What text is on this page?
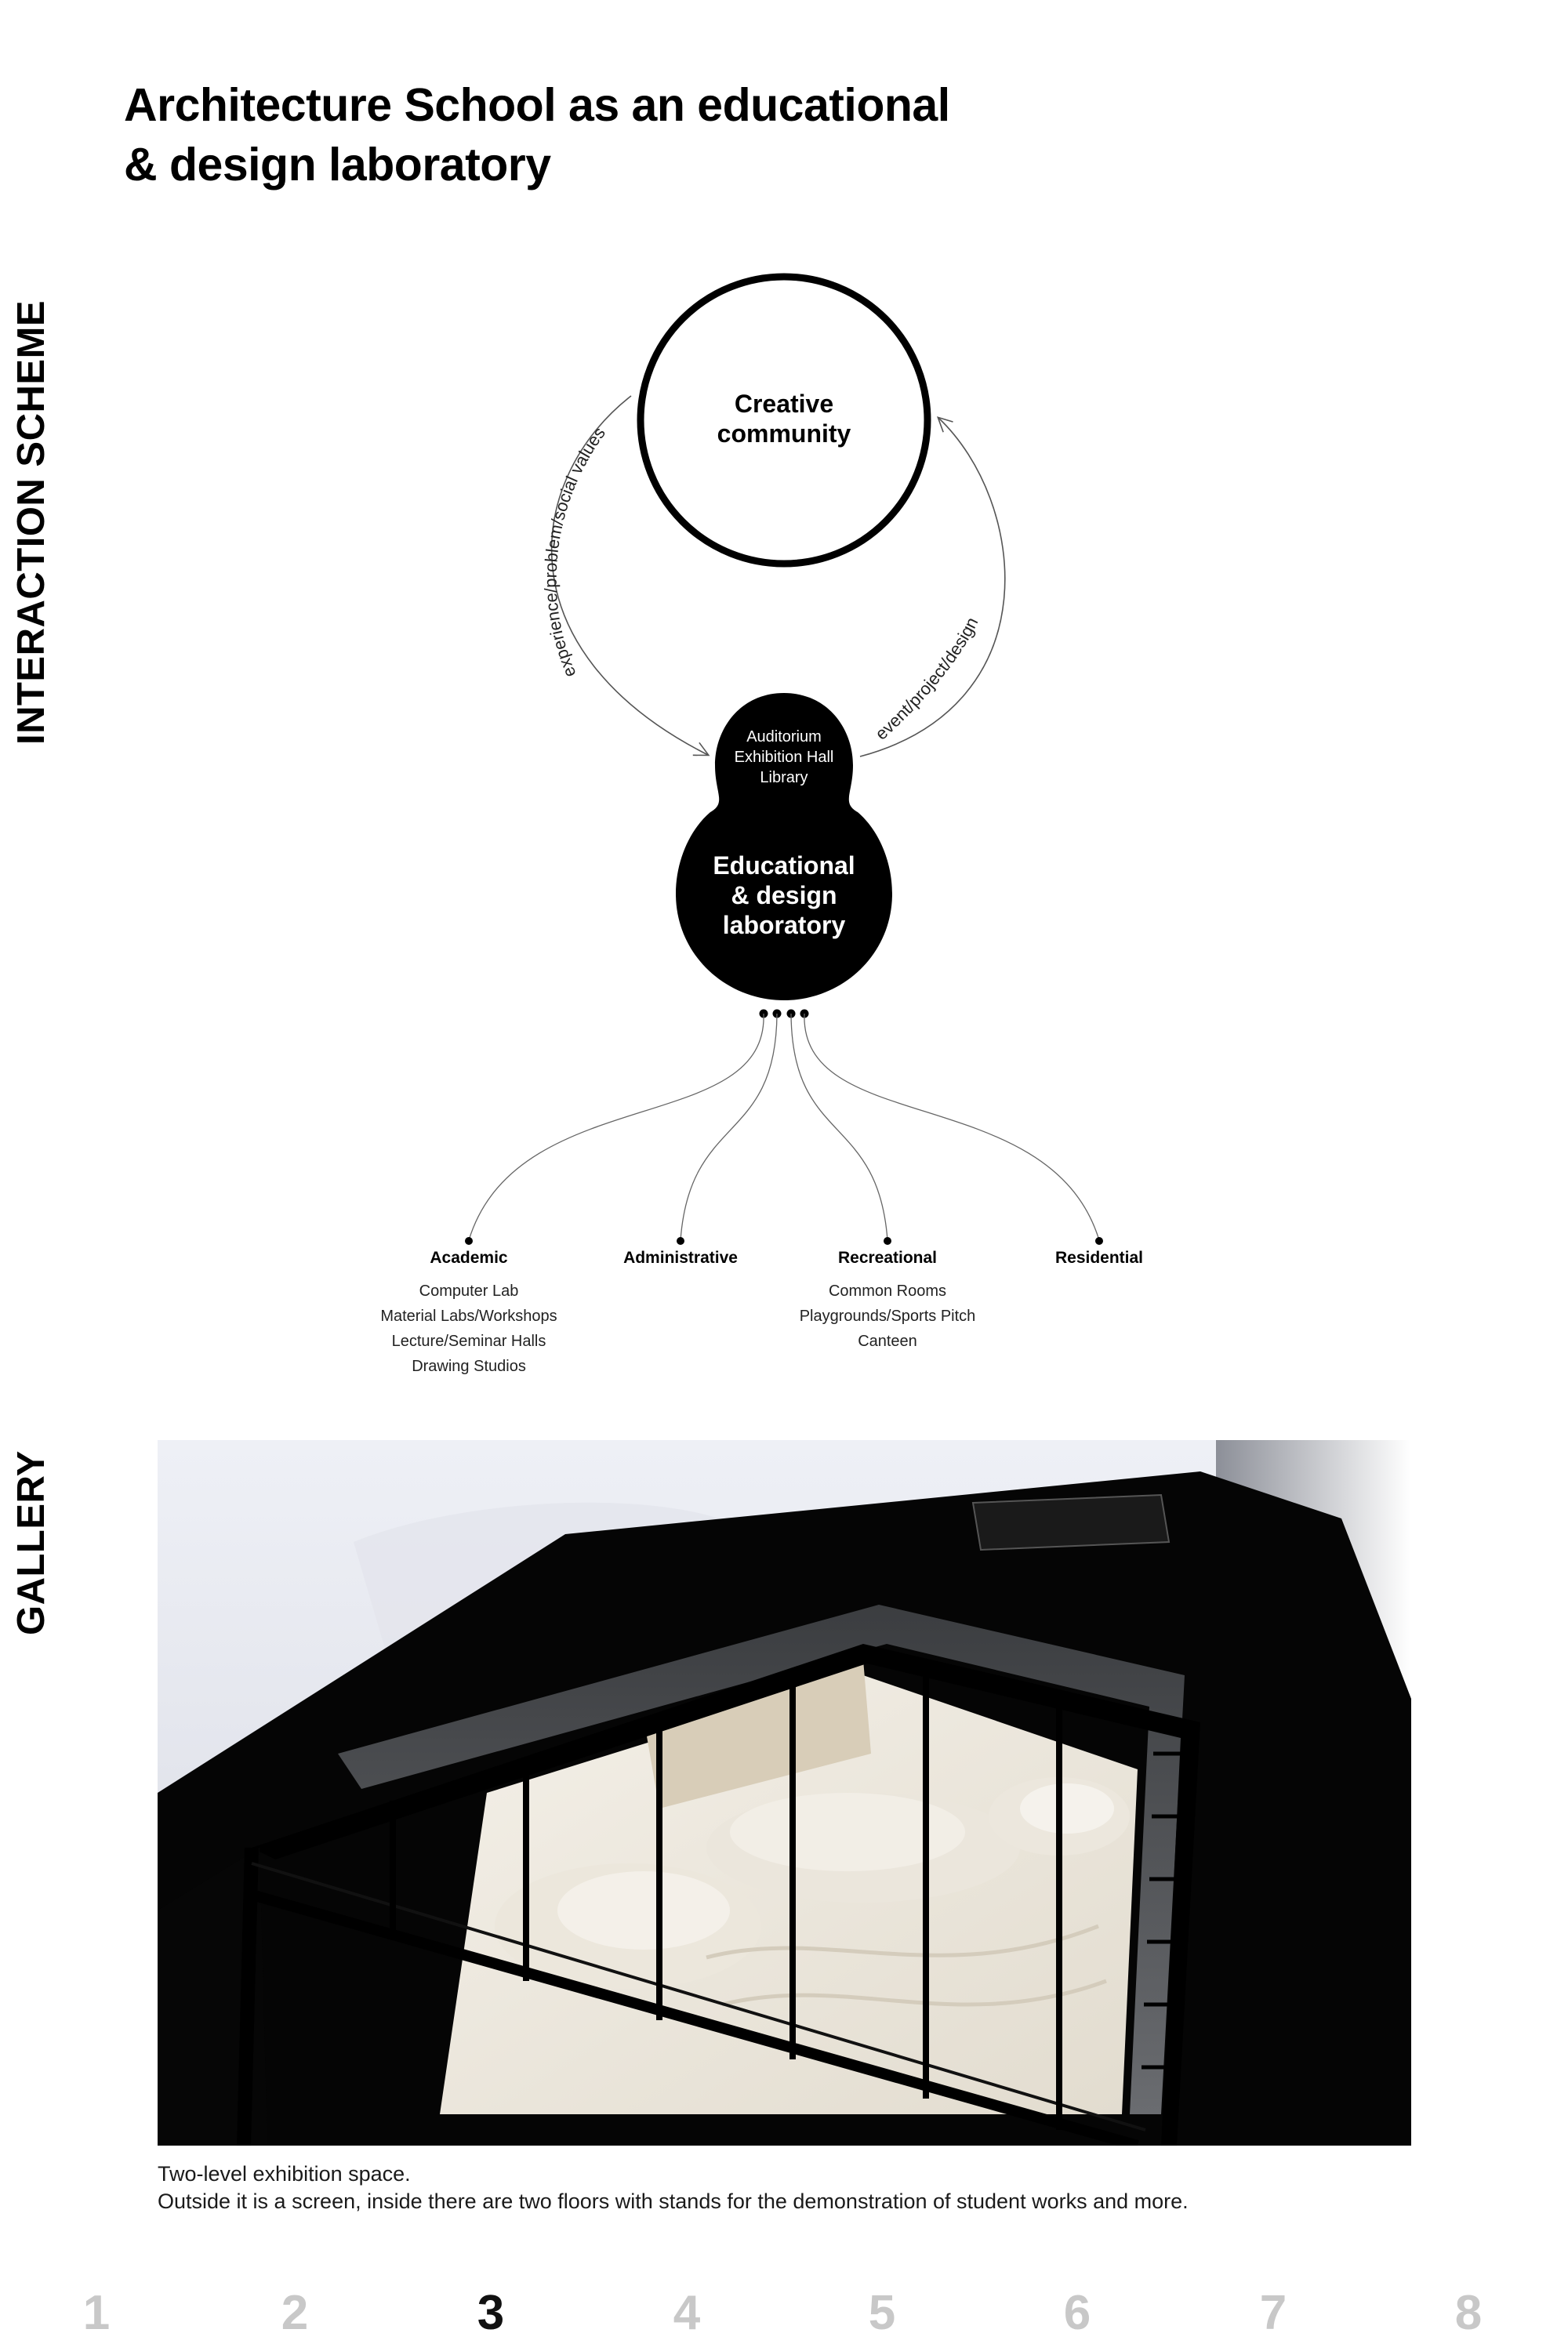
Architecture School as an educational
& design laboratory
INTERACTION SCHEME
GALLERY
Creative
community
experience/problem/social values
event/project/design
Auditorium
Exhibition Hall
Library
Educational
& design
laboratory
Academic
Computer Lab
Material Labs/Workshops
Lecture/Seminar Halls
Drawing Studios
Administrative	Recreational
Common Rooms
Playgrounds/Sports Pitch
Canteen
Residential
Two-level exhibition space.
Outside it is a screen, inside there are two floors with stands for the demonstration of student works and more.
1	2	3	4	5	6	7	8
